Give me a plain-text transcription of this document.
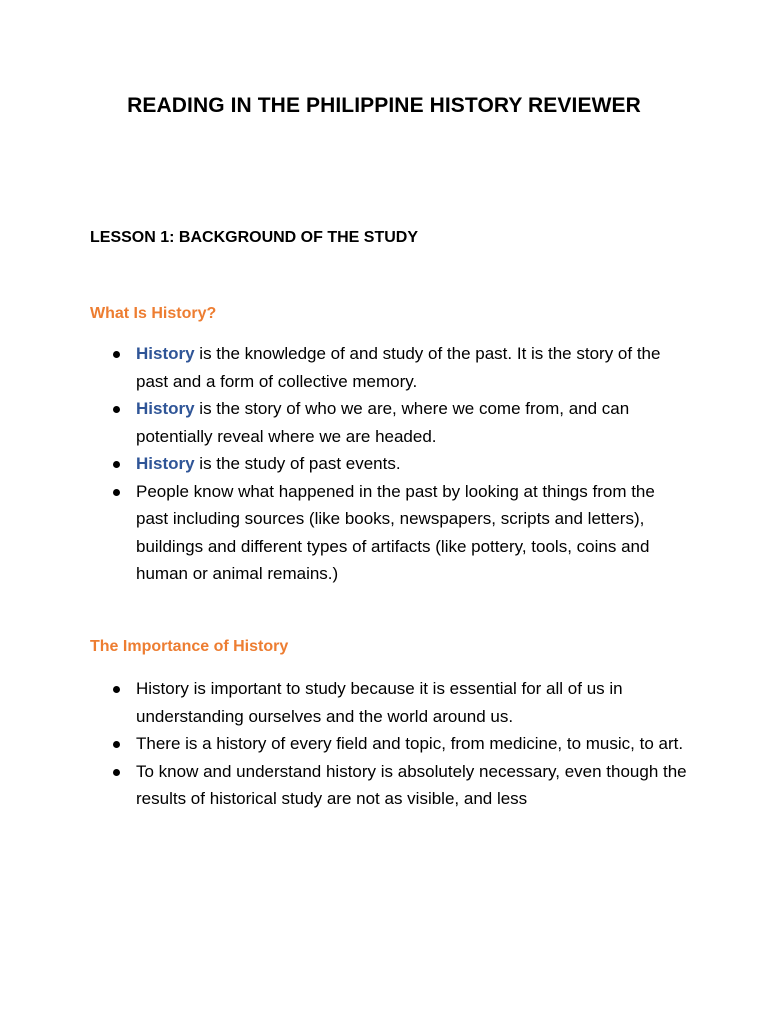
READING IN THE PHILIPPINE HISTORY REVIEWER
LESSON 1: BACKGROUND OF THE STUDY
What Is History?
History is the knowledge of and study of the past. It is the story of the past and a form of collective memory.
History is the story of who we are, where we come from, and can potentially reveal where we are headed.
History is the study of past events.
People know what happened in the past by looking at things from the past including sources (like books, newspapers, scripts and letters), buildings and different types of artifacts (like pottery, tools, coins and human or animal remains.)
The Importance of History
History is important to study because it is essential for all of us in understanding ourselves and the world around us.
There is a history of every field and topic, from medicine, to music, to art.
To know and understand history is absolutely necessary, even though the results of historical study are not as visible, and less
